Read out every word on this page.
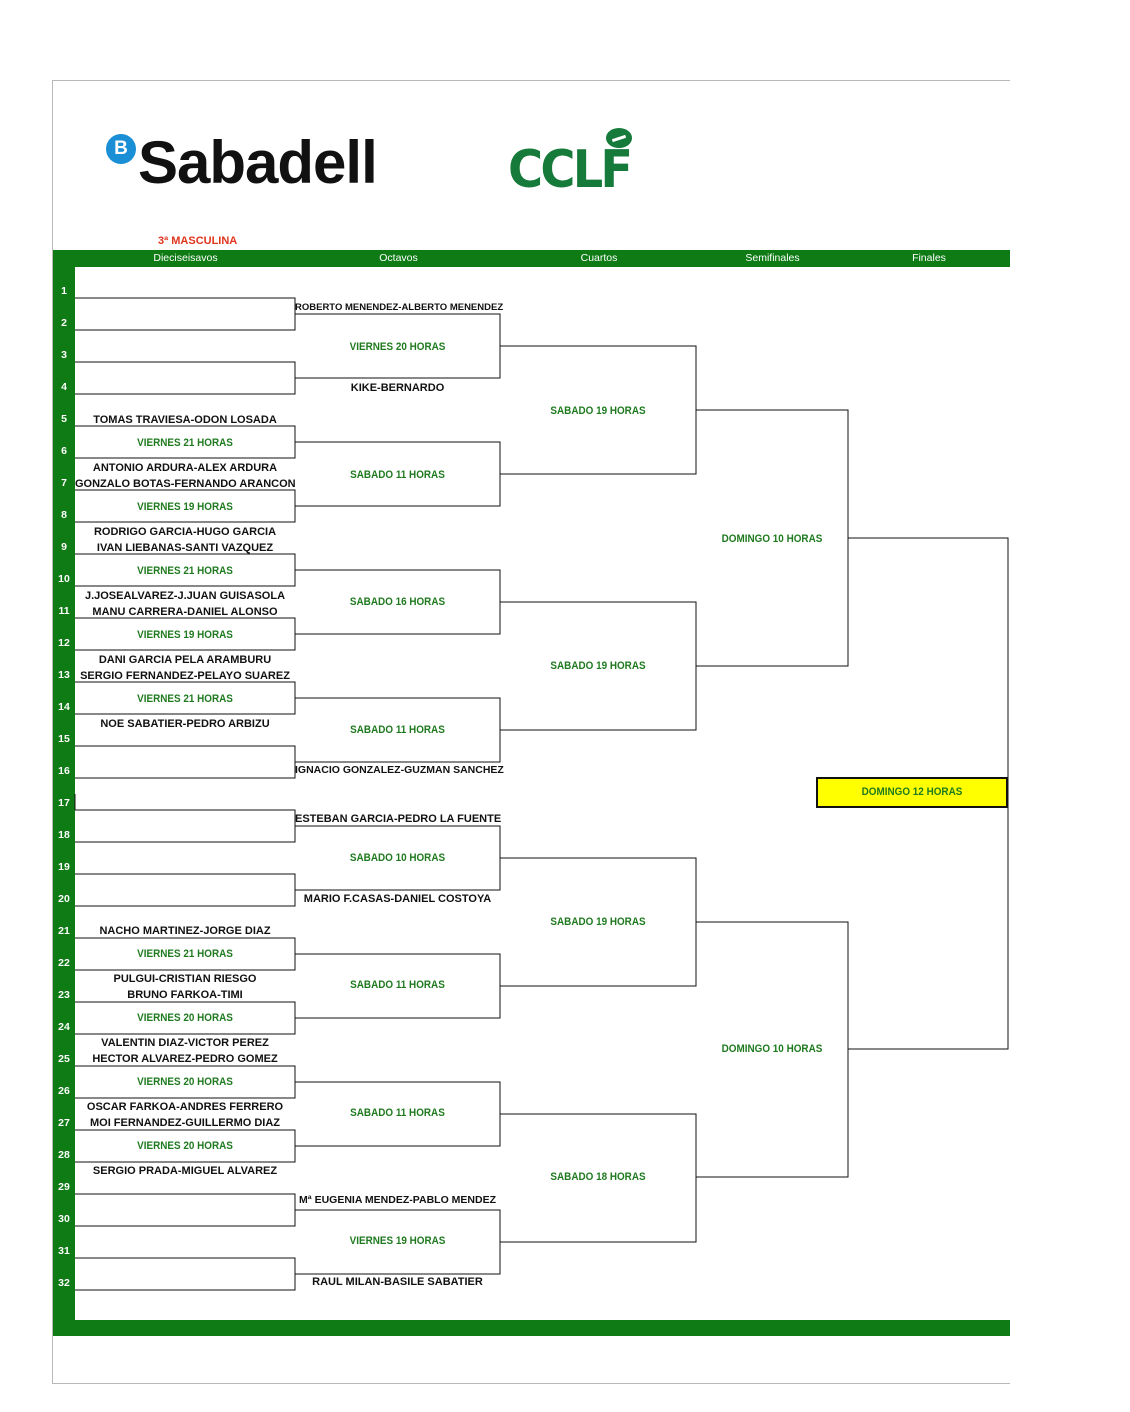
B Sabadell	CCLF
3ª MASCULINA
Dieciseisavos	Octavos	Cuartos	Semifinales	Finales
1
2
3
4
5
6
7
8
9
10
11
12
13
14
15
16
17
18
19
20
21
22
23
24
25
26
27
28
29
30
31
32
TOMAS TRAVIESA-ODON LOSADA
ANTONIO ARDURA-ALEX ARDURA
GONZALO BOTAS-FERNANDO ARANCON
RODRIGO GARCIA-HUGO GARCIA
IVAN LIEBANAS-SANTI VAZQUEZ
J.JOSEALVAREZ-J.JUAN GUISASOLA
MANU CARRERA-DANIEL ALONSO
DANI GARCIA PELA ARAMBURU
SERGIO FERNANDEZ-PELAYO SUAREZ
NOE SABATIER-PEDRO ARBIZU
NACHO MARTINEZ-JORGE DIAZ
PULGUI-CRISTIAN RIESGO
BRUNO FARKOA-TIMI
VALENTIN DIAZ-VICTOR PEREZ
HECTOR ALVAREZ-PEDRO GOMEZ
OSCAR FARKOA-ANDRES FERRERO
MOI FERNANDEZ-GUILLERMO DIAZ
SERGIO PRADA-MIGUEL ALVAREZ
VIERNES 21 HORAS
VIERNES 19 HORAS
VIERNES 21 HORAS
VIERNES 19 HORAS
VIERNES 21 HORAS
VIERNES 21 HORAS
VIERNES 20 HORAS
VIERNES 20 HORAS
VIERNES 20 HORAS
ROBERTO MENENDEZ-ALBERTO MENENDEZ
KIKE-BERNARDO
IGNACIO GONZALEZ-GUZMAN SANCHEZ
ESTEBAN GARCIA-PEDRO LA FUENTE
MARIO F.CASAS-DANIEL COSTOYA
Mª EUGENIA MENDEZ-PABLO MENDEZ
RAUL MILAN-BASILE SABATIER
VIERNES 20 HORAS
SABADO 11 HORAS
SABADO 16 HORAS
SABADO 11 HORAS
SABADO 10 HORAS
SABADO 11 HORAS
SABADO 11 HORAS
VIERNES 19 HORAS
SABADO 19 HORAS
SABADO 19 HORAS
SABADO 19 HORAS
SABADO 18 HORAS
DOMINGO 10 HORAS
DOMINGO 10 HORAS
DOMINGO 12 HORAS
